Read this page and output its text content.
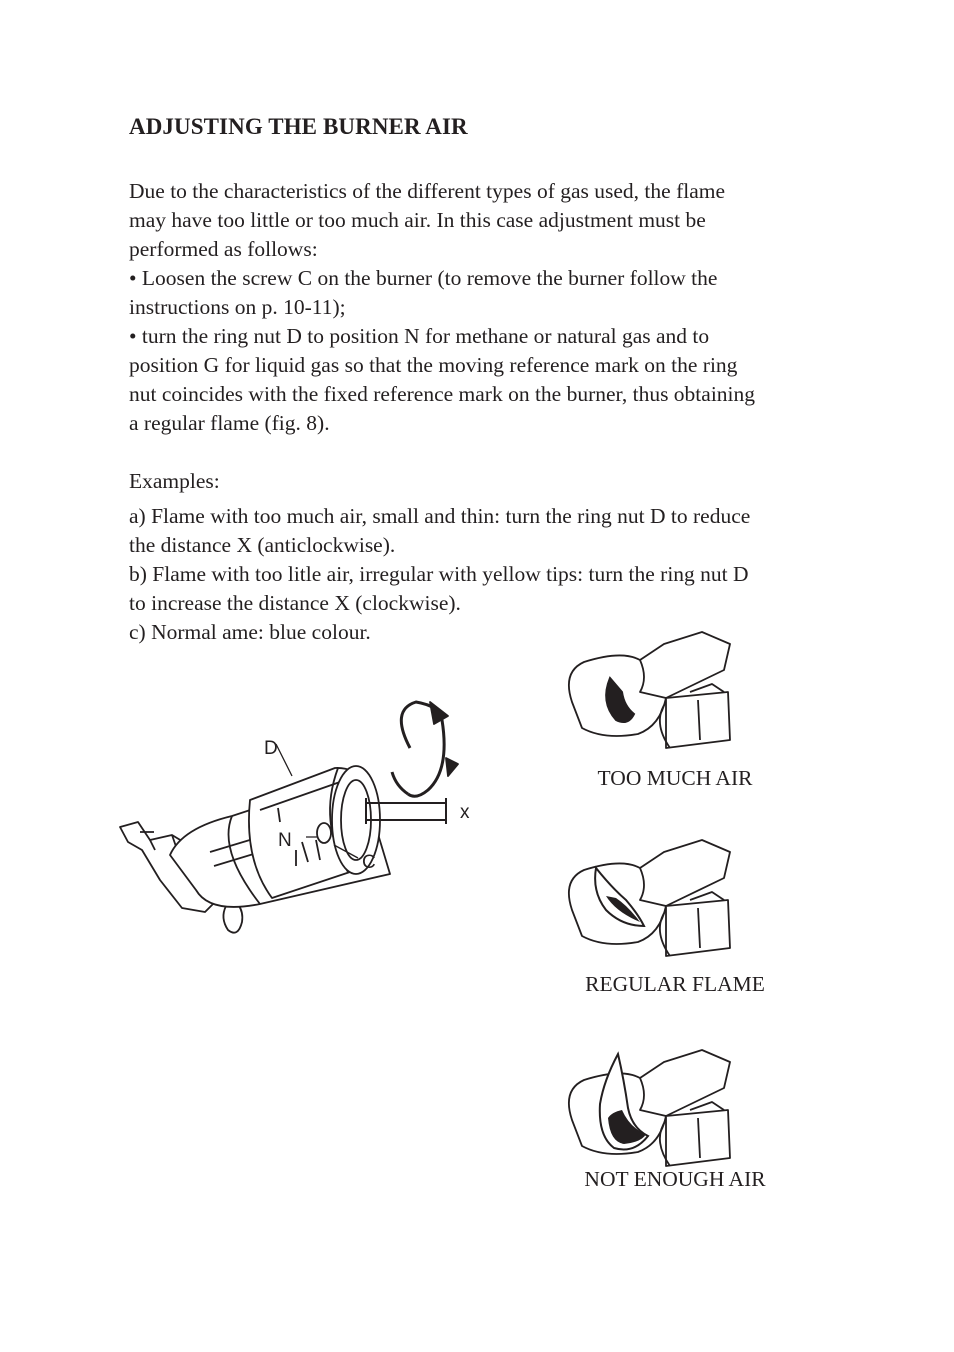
ADJUSTING THE BURNER AIR

Due to the characteristics of the different types of gas used, the flame
may have too little or too much air. In this case adjustment must be
performed as follows:
• Loosen the screw C on the burner (to remove the burner follow the
instructions on p. 10-11);
• turn the ring nut D to position N for methane or natural gas and to
position G for liquid gas so that the moving reference mark on the ring
nut coincides with the fixed reference mark on the burner, thus obtaining
a regular flame (fig. 8).

Examples:

a) Flame with too much air, small and thin: turn the ring nut D to reduce
the distance X (anticlockwise).
b) Flame with too litle air, irregular with yellow tips: turn the ring nut D
to increase the distance X (clockwise).
c) Normal ame: blue colour.

D
N
C
x
TOO MUCH AIR
REGULAR FLAME
NOT ENOUGH AIR
